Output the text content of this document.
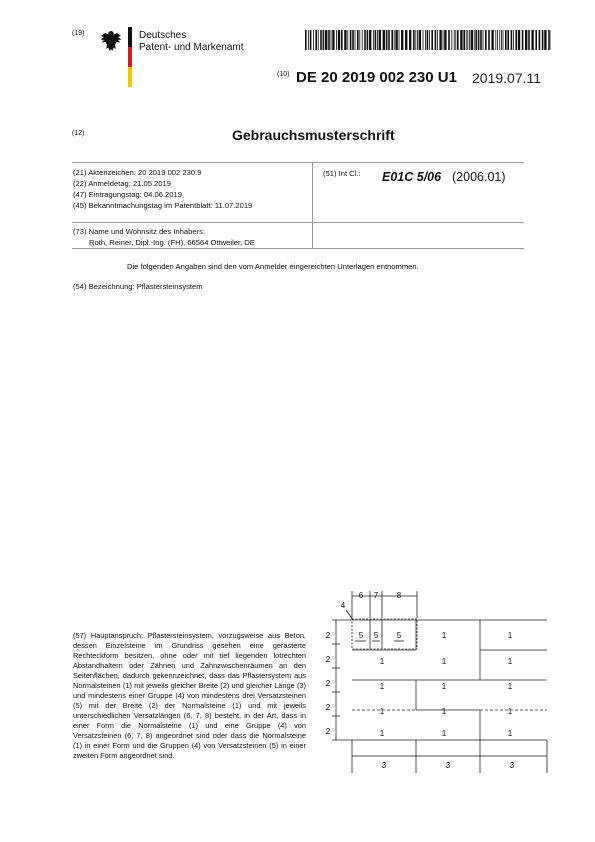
(19)	Deutsches
Patent- und Markenamt
(10) DE 20 2019 002 230 U1 2019.07.11
(12)	Gebrauchsmusterschrift
(21) Aktenzeichen: 20 2019 002 230.9
(22) Anmeldetag: 21.05.2019
(47) Eintragungstag: 04.06.2019
(45) Bekanntmachungstag im Patentblatt: 11.07.2019
(51) Int Cl.: E01C 5/06 (2006.01)
(73) Name und Wohnsitz des Inhabers:
Roth, Reiner, Dipl.-Ing. (FH), 66564 Ottweiler, DE
Die folgenden Angaben sind den vom Anmelder eingereichten Unterlagen entnommen.
(54) Bezeichnung: Pflastersteinsystem
(57) Hauptanspruch: Pflastersteinsystem, vorzugsweise aus Beton, dessen Einzelsteine im Grundriss gesehen eine gerasterte Rechteckform besitzen, ohne oder mit tief liegenden lotrechten Abstandhaltern oder Zähnen und Zahnzwischenräumen an den Seitenflächen, dadurch gekennzeichnet, dass das Pflastersystem aus Normalsteinen (1) mit jeweils gleicher Breite (2) und gleicher Länge (3) und mindestens einer Gruppe (4) von mindestens drei Versatzsteinen (5) mit der Breite (2) der Normalsteine (1) und mit jeweils unterschiedlichen Versatzlängen (6, 7, 8) besteht, in der Art, dass in einer Form die Normalsteine (1) und eine Gruppe (4) von Versatzsteinen (6, 7, 8) angeordnet sind oder dass die Normalsteine (1) in einer Form und die Gruppen (4) von Versatzsteinen (5) in einer zweiten Form angeordnet sind.
6 7 8
4
5 5 5	1	1
1	1	1
1	1	1
1	1	1
1	1	1
2
2
2
2
2
3	3	3
